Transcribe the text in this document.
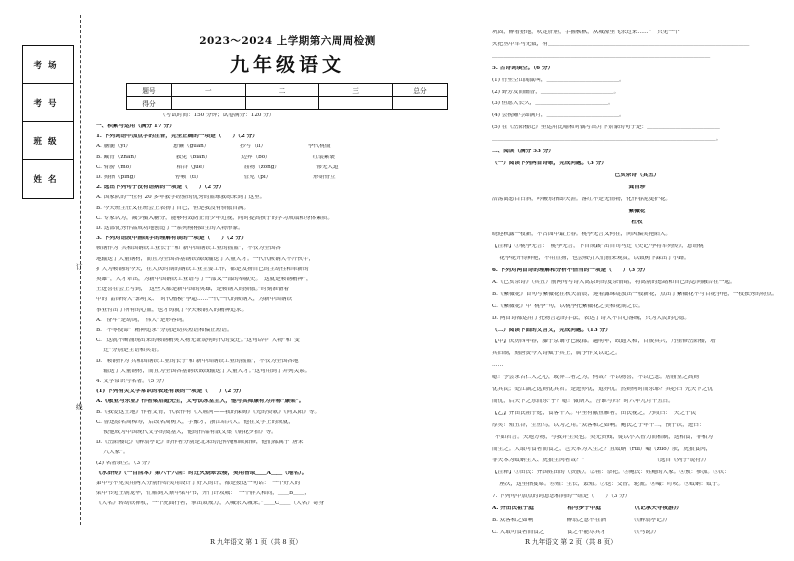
考场
考号
班级
姓名
订
线
2023～2024 上学期第六周周检测
九年级语文
题号	一	二	三	总分
得分				
（考试时间：150 分钟；试卷满分：120 分）
一、积累与运用（满分 17 分）
1. 下列词语中加点字的注音，完全正确的一项是（　　）（2 分）
A. 脑髓（yǐ）　　　　　　　　惫懒（guān）　　　　　　抄写（lì）　　　　　　　　李代桃僵
B. 藏青（zhǎn）　　　　　　　教免（biàn）　　　　　　边界（bō）　　　　　　　　红装素裹
C. 臂膀（mó）　　　　　　　　稻谷（jué）　　　　　　　屈物（zòng）　　　　　　　惨无人道
D. 拇指（pīng）　　　　　　　停顿（tí）　　　　　　　　管见（pǐ）　　　　　　　　形销骨立
2. 选出下列句子没有语病的一项是（　　）（2 分）
A. 国家队的一位有 20 多年教学经验的优秀的篮球教练来到了这里。
B. 今天班主任又在班会上表扬了自己，但是我没有骄傲自满。
C. 专家认为，减少摄入糖分，能够有效防止青少年近视，同时提高孩子的学习成绩和身体素质。
D. 这部优秀作品成功地创造了一系列栩栩如生的人物形象。
3. 下列对语段中画线字的理解有误的一项是（　　）（2 分）
鞍钢作为“共和国钢铁工业长子”和“新中国钢铁工业的摇篮”，不仅为全国各
地输送了大量钢材，而且为全国各基钢铁战线输送了大量人才。一代代鞍钢人不斤伙牛，
扩大为鞍钢的今天，在大庆时期的钢铁工业主要工作，都是发扬自己的主动性和革新的
英雄”，人才辈出，为新中国钢铁工业谱写了一部又一部的奉献史。“这就是鞍钢精神”，
王进喜在会上写到，“这些人都是新中国的英雄，是鞍钢人的骄傲。”时刻准备着
中的“雷锋传人”郭明义、“时代楷模”李超……一代一代的鞍钢人，为新中国钢铁
事业付出了所有的心血，也才铸就了今天鞍钢人的精神追求。
A. “奋斗”是动词，“伟大”是形容词。
B. “不辱使命”“精神追求”分别是动宾短语和偏正短语。
C. “这就不断涌现出来的鞍钢精英人物无证说明时代的变迁。”这句话中“人物”和“变
　 迁”分别是主语和宾语。
D. “鞍钢作为‘共和国钢铁工业的长子’和‘新中国钢铁工业的摇篮’，不仅为全国各地
　 输送了大量钢材，而且为全国各基钢铁战线输送了大量人才。”这句用到了并列关系。
4. 文学常识与名著。（5 分）
(1) 下列有关文学常识的表述有误的一项是（　　）（2 分）
A.《敬业与乐业》作者梁启超先生，又号饮冰室主人，他与其师康有为并称“康梁”。
B.《我爱这土地》作者艾青，代表作有《大堰河——我的保姆》《光的赞歌》《向太阳》等。
C. 鲁迅原名周樟寿，后改名周树人，字豫才，浙江绍兴人。他在文学上的成就，
　 使他成为中国现代文学的奠基人，他的作品有散文集《朝花夕拾》等。
D.《岳阳楼记》《醉翁亭记》的作者分别是北宋的范仲淹和欧阳修，他们都属于“唐宋
　 八大家”。
(2) 名著填空。（3 分）
《水浒传》（一百回本）第六十六回：时迁火烧翠云楼，吴用智取＿＿A＿＿（地名）。
第中号不见吴用两人分别作给吴用设计了好大的计，都是按这一句话：“一个好大的
梁中书见王朝龙华，忙解到大寨中梁中书，开门许攻城：“一个胖大和尚，＿＿B＿＿，
《人名》转动铁禅杖，一个虎面行者，掣出双戒刀，大喊杀入城来。”＿＿C＿＿（人名）寄身
巩固，醉看搭地，吹定肝胆，手握枞枞，从城濠里飞杀过来……”　只见一个
火把丛中军马无数，有＿＿＿＿＿＿＿＿＿＿＿＿＿＿＿＿＿＿＿＿＿＿＿＿＿＿＿＿＿＿＿＿＿＿＿＿
＿＿＿＿＿＿＿＿＿＿＿＿＿＿＿＿＿＿＿＿＿＿＿＿＿＿＿＿＿＿＿＿＿＿＿＿＿＿＿
5. 古诗词填空。（6 分）
(1) 行至空山闻鼠叫，＿＿＿＿＿＿＿＿＿＿＿＿＿。
(2) 野芳发而幽香，＿＿＿＿＿＿＿＿＿＿＿＿＿。
(3) 但愿人长久，＿＿＿＿＿＿＿＿＿＿＿＿＿。
(4) 会挽雕弓如满月，＿＿＿＿＿＿＿＿＿＿＿＿＿。
(5) 在《岳阳楼记》里运用比喻和对偶写出月下景象的句子是：＿＿＿＿＿＿＿＿＿＿＿＿＿
＿＿＿＿＿＿＿＿＿＿＿＿＿＿＿＿＿＿＿＿＿＿＿＿＿＿＿＿＿＿＿＿＿＿＿＿＿＿＿＿。
二、阅读（满分 53 分）
（一）阅读下列两首诗歌，完成问题。（3 分）
己亥杂诗（其五）
龚自珍
浩荡离愁白日斜，吟鞭东指即天涯。落红不是无情物，化作春泥更护花。
紫薇花
杜牧
晓迎秋露一枝新，不占园中最上春。桃李无言又何在，向风偏笑艳阳人。
【注释】①桃李无言：“桃李无言，下自成蹊”出自司马迁《史记·李将军列传》，意谓桃
　 花李花开得鲜艳，不用宣扬，也会吸引人们前来观赏，以致树下踩出了小路。
6. 下列对两首诗的理解和分析不恰当的一项是（　　）（3 分）
A.《己亥杂诗》（其五）前两句写诗人离京时的复杂情绪，将离别的愁绪和自己的志向融合在一起。
B.《紫薇花》首句写紫薇花在秋天清晨，迎着露珠绽放出一枝新花，点出了紫薇花不与百花争艳，一枝独秀的特点。
C.《紫薇花》中“桃李”句，以桃李托紫薇花之美和花期之长。
D. 两首诗都运用了托物言志的手法，表达了诗人不甘心落魄，只为人民的心愿。
（二）阅读下面的文言文，完成问题。（13 分）
【甲】庆历四年春，滕子京谪守巴陵郡。越明年，政通人和，百废具兴，乃重修岳阳楼，增
其旧制，刻唐贤今人诗赋于其上，属予作文以记之。
……
噫！予尝求古仁人之心，或异二者之为，何哉？不以物喜，不以己悲。居庙堂之高则
忧其民；处江湖之远则忧其君。是进亦忧，退亦忧。然则何时而乐耶？其必曰“先天下之忧
而忧，后天下之乐而乐”乎？噫！微斯人，吾谁与归？时六年九月十五日。
【乙】齐田氏祖于庭，食客千人。中坐有献鱼雁者，田氏视之，乃叹曰：“天之于民
厚矣！殖五谷，生鱼鸟，以为之用。”众客和之如响。鲍氏之子年十二，预于次，进曰：
“不如君言。天地万物，与我并生类也。类无贵贱，徒以小大智力而相制，迭相食，非相为
而生之。人取可食者而食之，岂天本为人生之？且蚊蚋（ruì）嘬（zuō）肤，虎狼食肉，
非天本为蚊蚋生人、虎狼生肉者哉？”　　　　　　　　　　　　　（选自《列子·说符》）
【注释】①田氏：齐国姓田的（贵族）。②祖：祭祀。③鲍氏：姓鲍的人家。④预：参加。⑤次：
　 座次，这里指宴席。⑥殖：生长，繁殖。⑦迭：交替，轮流。⑧嘬：叮咬。⑨蚊蚋：蚊子。
7. 下列句中加点的词意思相同的一组是（　　）（3 分）
A. 齐田氏祖于庭　　　　　　相与步于中庭　　　　　　（《记承天寺夜游》）
B. 众客和之如响　　　　　　醉翁之意不在酒　　　　　（《醉翁亭记》）
C. 人取可食者而食之　　　　食之不能尽其才　　　　　（《马说》）
R 九年语文 第 1 页（共 8 页）	R 九年语文 第 2 页（共 8 页）
